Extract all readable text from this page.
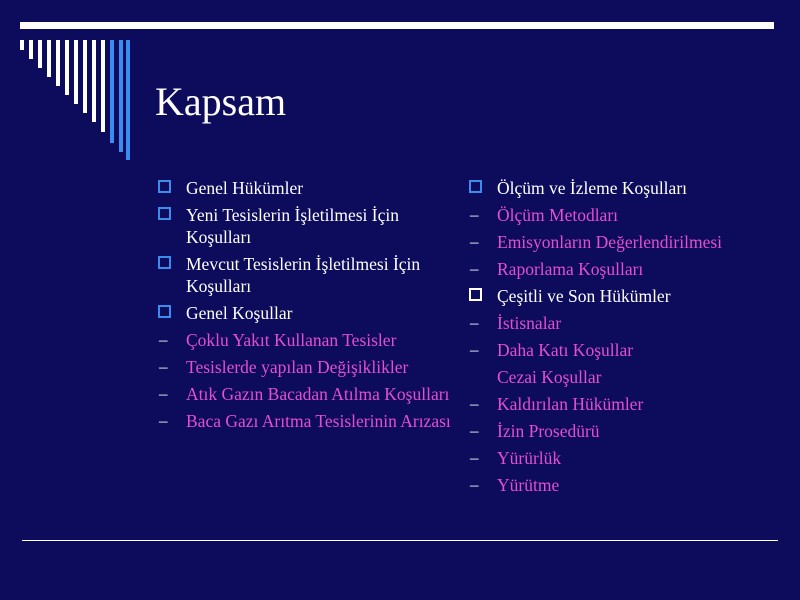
Kapsam
Genel Hükümler
Yeni Tesislerin İşletilmesi İçin Koşulları
Mevcut Tesislerin İşletilmesi İçin Koşulları
Genel Koşullar
– Çoklu Yakıt Kullanan Tesisler
– Tesislerde yapılan Değişiklikler
– Atık Gazın Bacadan Atılma Koşulları
– Baca Gazı Arıtma Tesislerinin Arızası
Ölçüm ve İzleme Koşulları
– Ölçüm Metodları
– Emisyonların Değerlendirilmesi
– Raporlama Koşulları
Çeşitli ve Son Hükümler
– İstisnalar
– Daha Katı Koşullar
Cezai Koşullar
– Kaldırılan Hükümler
– İzin Prosedürü
– Yürürlük
– Yürütme
